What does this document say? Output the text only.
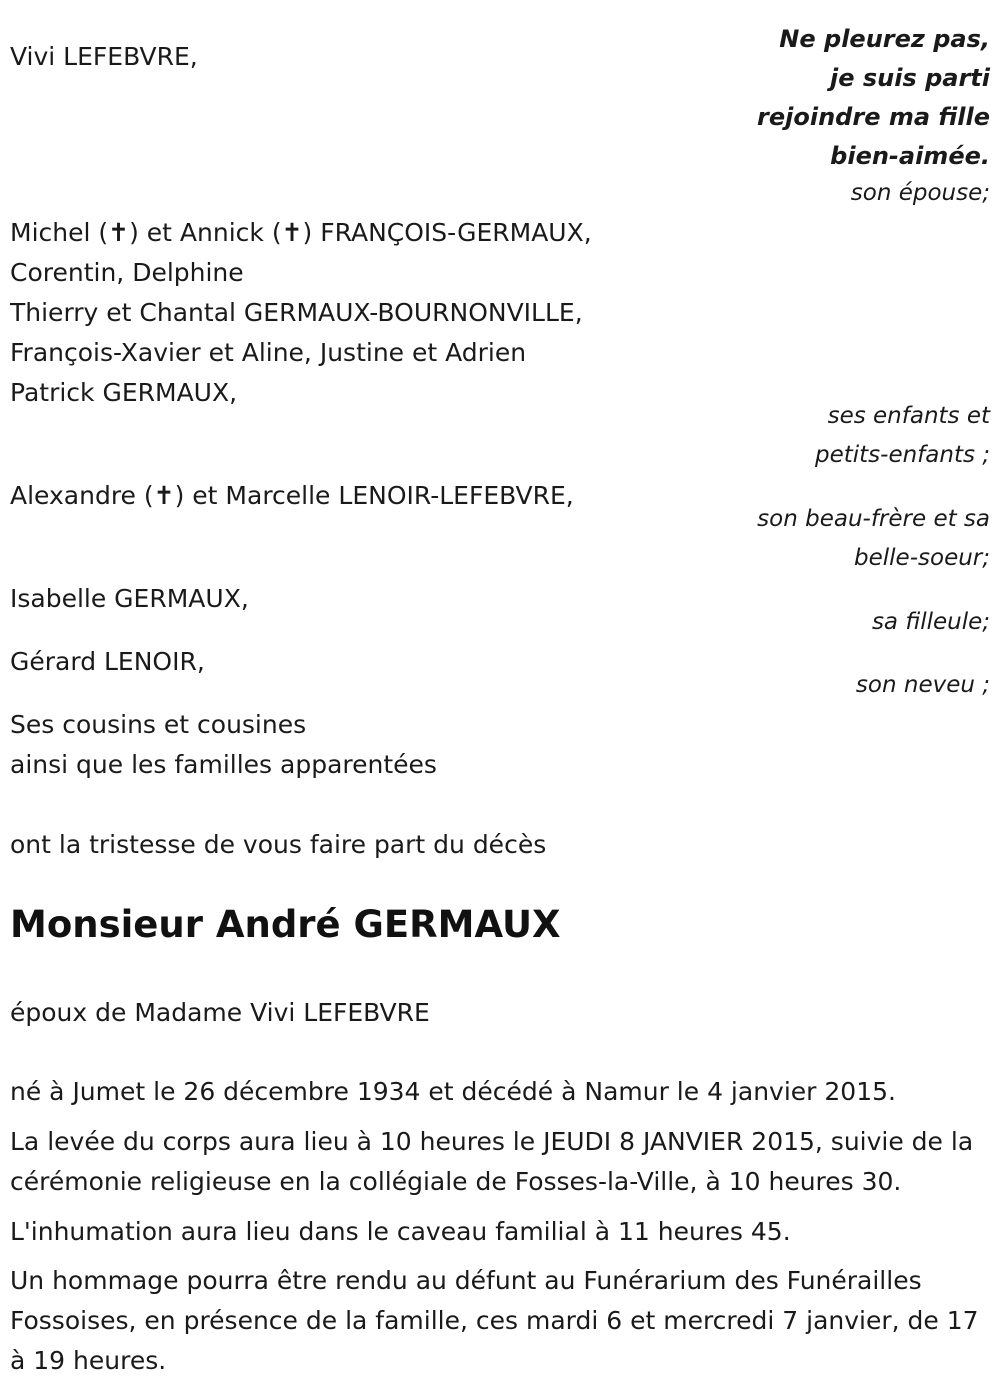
Ne pleurez pas,
je suis parti
rejoindre ma fille
bien-aimée.
Vivi LEFEBVRE,
son épouse;
Michel (✝) et Annick (✝) FRANÇOIS-GERMAUX,
Corentin, Delphine
Thierry et Chantal GERMAUX-BOURNONVILLE,
François-Xavier et Aline, Justine et Adrien
Patrick GERMAUX,
ses enfants et
petits-enfants ;
Alexandre (✝) et Marcelle LENOIR-LEFEBVRE,
son beau-frère et sa
belle-soeur;
Isabelle GERMAUX,
sa filleule;
Gérard LENOIR,
son neveu ;
Ses cousins et cousines
ainsi que les familles apparentées
ont la tristesse de vous faire part du décès
Monsieur André GERMAUX
époux de Madame Vivi LEFEBVRE
né à Jumet le 26 décembre 1934 et décédé à Namur le 4 janvier 2015.
La levée du corps aura lieu à 10 heures le JEUDI 8 JANVIER 2015, suivie de la cérémonie religieuse en la collégiale de Fosses-la-Ville, à 10 heures 30.
L'inhumation aura lieu dans le caveau familial à 11 heures 45.
Un hommage pourra être rendu au défunt au Funérarium des Funérailles Fossoises, en présence de la famille, ces mardi 6 et mercredi 7 janvier, de 17 à 19 heures.
